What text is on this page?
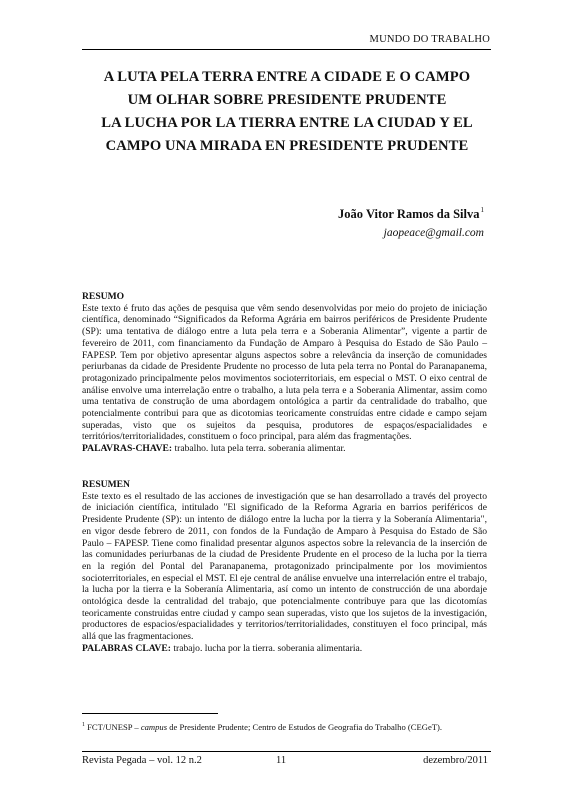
MUNDO DO TRABALHO
A LUTA PELA TERRA ENTRE A CIDADE E O CAMPO
UM OLHAR SOBRE PRESIDENTE PRUDENTE
LA LUCHA POR LA TIERRA ENTRE LA CIUDAD Y EL
CAMPO UNA MIRADA EN PRESIDENTE PRUDENTE
João Vitor Ramos da Silva$^1$
jaopeace@gmail.com
RESUMO
Este texto é fruto das ações de pesquisa que vêm sendo desenvolvidas por meio do projeto de iniciação científica, denominado “Significados da Reforma Agrária em bairros periféricos de Presidente Prudente (SP): uma tentativa de diálogo entre a luta pela terra e a Soberania Alimentar”, vigente a partir de fevereiro de 2011, com financiamento da Fundação de Amparo à Pesquisa do Estado de São Paulo – FAPESP. Tem por objetivo apresentar alguns aspectos sobre a relevância da inserção de comunidades periurbanas da cidade de Presidente Prudente no processo de luta pela terra no Pontal do Paranapanema, protagonizado principalmente pelos movimentos socioterritoriais, em especial o MST. O eixo central de análise envolve uma interrelação entre o trabalho, a luta pela terra e a Soberania Alimentar, assim como uma tentativa de construção de uma abordagem ontológica a partir da centralidade do trabalho, que potencialmente contribui para que as dicotomias teoricamente construídas entre cidade e campo sejam superadas, visto que os sujeitos da pesquisa, produtores de espaços/espacialidades e territórios/territorialidades, constituem o foco principal, para além das fragmentações.
PALAVRAS-CHAVE: trabalho. luta pela terra. soberania alimentar.
RESUMEN
Este texto es el resultado de las acciones de investigación que se han desarrollado a través del proyecto de iniciación científica, intitulado "El significado de la Reforma Agraria en barrios periféricos de Presidente Prudente (SP): un intento de diálogo entre la lucha por la tierra y la Soberanía Alimentaria", en vigor desde febrero de 2011, con fondos de la Fundação de Amparo à Pesquisa do Estado de São Paulo – FAPESP. Tiene como finalidad presentar algunos aspectos sobre la relevancia de la inserción de las comunidades periurbanas de la ciudad de Presidente Prudente en el proceso de la lucha por la tierra en la región del Pontal del Paranapanema, protagonizado principalmente por los movimientos socioterritoriales, en especial el MST. El eje central de análise envuelve una interrelación entre el trabajo, la lucha por la tierra e la Soberanía Alimentaria, así como un intento de construcción de una abordaje ontológica desde la centralidad del trabajo, que potencialmente contribuye para que las dicotomías teoricamente construidas entre ciudad y campo sean superadas, visto que los sujetos de la investigación, productores de espacios/espacialidades y territorios/territorialidades, constituyen el foco principal, más allá que las fragmentaciones.
PALABRAS CLAVE: trabajo. lucha por la tierra. soberania alimentaria.
$^1$ FCT/UNESP – campus de Presidente Prudente; Centro de Estudos de Geografia do Trabalho (CEGeT).
Revista Pegada – vol. 12 n.2	11	dezembro/2011
